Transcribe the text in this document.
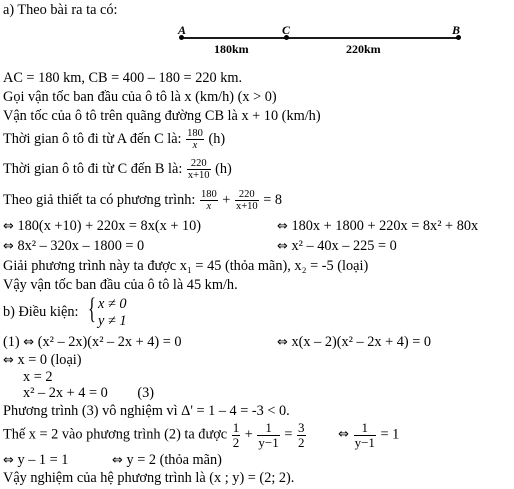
a) Theo bài ra ta có:
A	C	B
180km	220km
AC = 180 km, CB = 400 – 180 = 220 km.
Gọi vận tốc ban đầu của ô tô là x (km/h) (x > 0)
Vận tốc của ô tô trên quãng đường CB là x + 10 (km/h)
Thời gian ô tô đi từ A đến C là: $\frac{180}{x} (h)$
Thời gian ô tô đi từ C đến B là: $\frac{220}{x+10} (h)$
Theo giả thiết ta có phương trình: $\frac{180}{x} + \frac{220}{x+10} = 8$
⇔ 180(x +10) + 220x = 8x(x + 10)	⇔ 180x + 1800 + 220x = 8x² + 80x
⇔ 8x² – 320x – 1800 = 0	⇔ x² – 40x – 225 = 0
Giải phương trình này ta được x₁ = 45 (thỏa mãn), x₂ = -5 (loại)
Vậy vận tốc ban đầu của ô tô là 45 km/h.
b) Điều kiện: { x ≠ 0
y ≠ 1
(1) ⇔ (x² – 2x)(x² – 2x + 4) = 0	⇔ x(x – 2)(x² – 2x + 4) = 0
⇔ x = 0 (loại)
x = 2
x² – 2x + 4 = 0 (3)
Phương trình (3) vô nghiệm vì Δ' = 1 – 4 = -3 < 0.
Thế x = 2 vào phương trình (2) ta được $\frac{1}{2} + \frac{1}{y-1} = \frac{3}{2}$	⇔ $\frac{1}{y-1} = 1$
⇔ y – 1 = 1	⇔ y = 2 (thỏa mãn)
Vậy nghiệm của hệ phương trình là (x ; y) = (2; 2).
